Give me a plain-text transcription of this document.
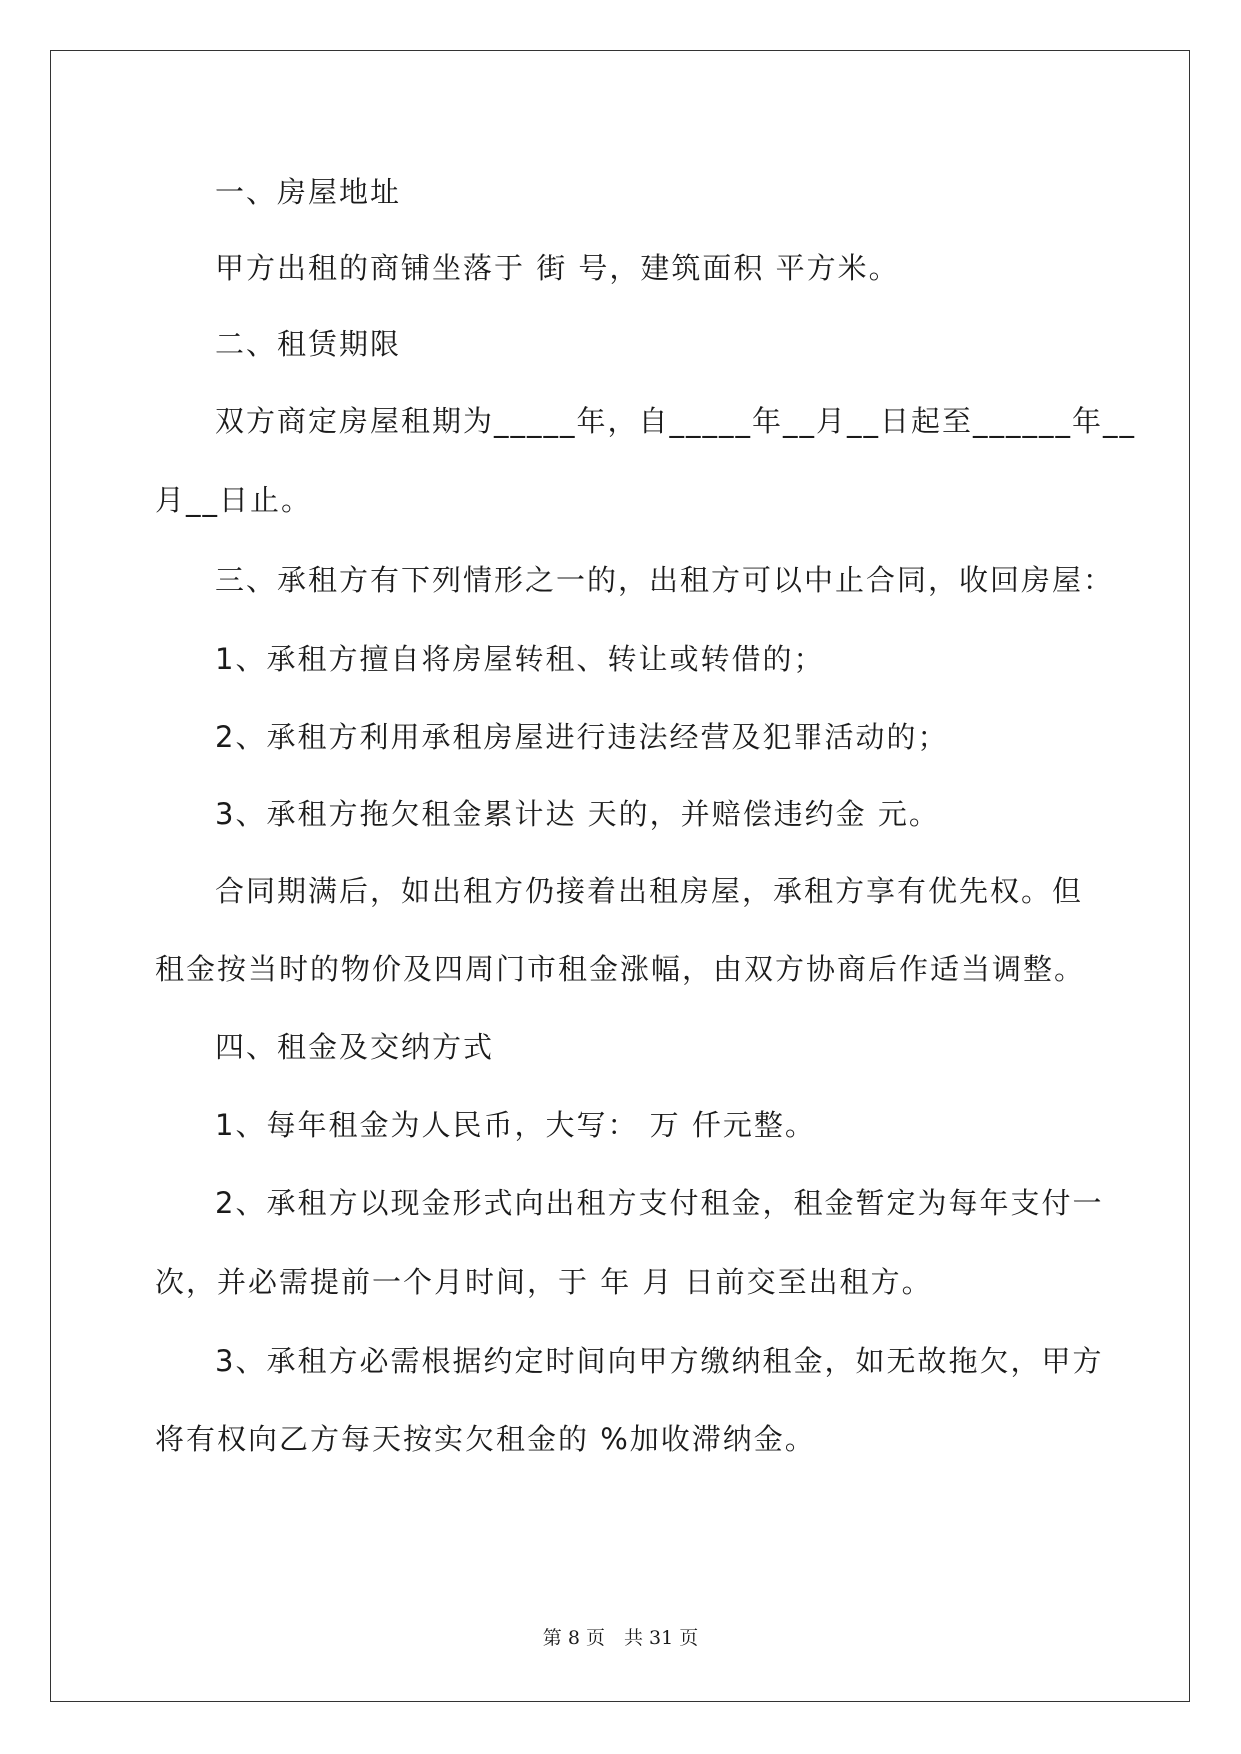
一、房屋地址
甲方出租的商铺坐落于 街 号，建筑面积 平方米。
二、租赁期限
双方商定房屋租期为_____年，自_____年__月__日起至______年__
月__日止。
三、承租方有下列情形之一的，出租方可以中止合同，收回房屋：
1、承租方擅自将房屋转租、转让或转借的；
2、承租方利用承租房屋进行违法经营及犯罪活动的；
3、承租方拖欠租金累计达 天的，并赔偿违约金 元。
合同期满后，如出租方仍接着出租房屋，承租方享有优先权。但
租金按当时的物价及四周门市租金涨幅，由双方协商后作适当调整。
四、租金及交纳方式
1、每年租金为人民币，大写： 万 仟元整。
2、承租方以现金形式向出租方支付租金，租金暂定为每年支付一
次，并必需提前一个月时间，于 年 月 日前交至出租方。
3、承租方必需根据约定时间向甲方缴纳租金，如无故拖欠，甲方
将有权向乙方每天按实欠租金的 %加收滞纳金。
第 8 页　共 31 页
